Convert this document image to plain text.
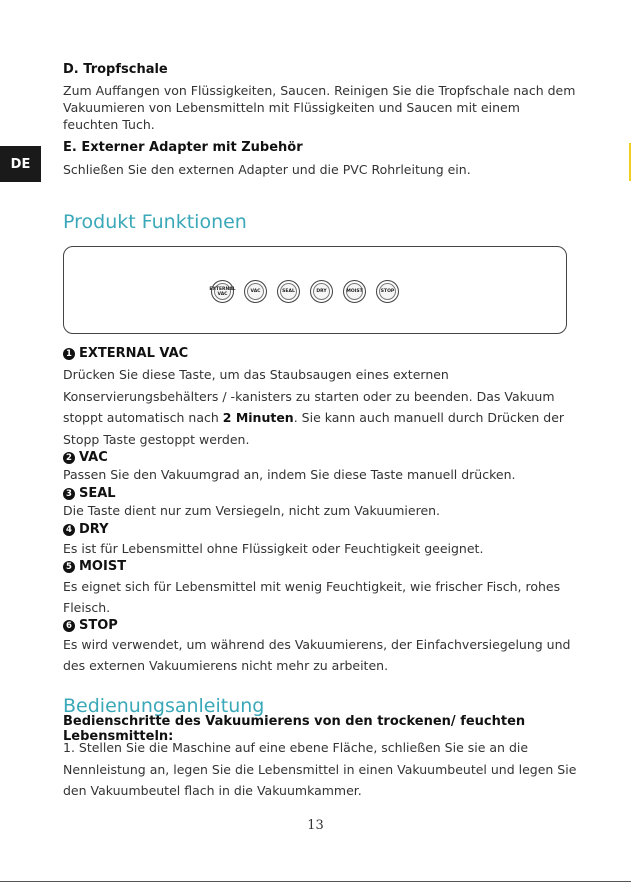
DE
D. Tropfschale
Zum Auffangen von Flüssigkeiten, Saucen. Reinigen Sie die Tropfschale nach dem
Vakuumieren von Lebensmitteln mit Flüssigkeiten und Saucen mit einem
feuchten Tuch.
E. Externer Adapter mit Zubehör
Schließen Sie den externen Adapter und die PVC Rohrleitung ein.
Produkt Funktionen
EXTERNAL
VAC	VAC	SEAL	DRY	MOIST	STOP
1 EXTERNAL VAC
Drücken Sie diese Taste, um das Staubsaugen eines externen
Konservierungsbehälters / -kanisters zu starten oder zu beenden. Das Vakuum
stoppt automatisch nach 2 Minuten. Sie kann auch manuell durch Drücken der
Stopp Taste gestoppt werden.
2 VAC
Passen Sie den Vakuumgrad an, indem Sie diese Taste manuell drücken.
3 SEAL
Die Taste dient nur zum Versiegeln, nicht zum Vakuumieren.
4 DRY
Es ist für Lebensmittel ohne Flüssigkeit oder Feuchtigkeit geeignet.
5 MOIST
Es eignet sich für Lebensmittel mit wenig Feuchtigkeit, wie frischer Fisch, rohes
Fleisch.
6 STOP
Es wird verwendet, um während des Vakuumierens, der Einfachversiegelung und
des externen Vakuumierens nicht mehr zu arbeiten.
Bedienungsanleitung
Bedienschritte des Vakuumierens von den trockenen/ feuchten Lebensmitteln:
1. Stellen Sie die Maschine auf eine ebene Fläche, schließen Sie sie an die
Nennleistung an, legen Sie die Lebensmittel in einen Vakuumbeutel und legen Sie
den Vakuumbeutel flach in die Vakuumkammer.
13
